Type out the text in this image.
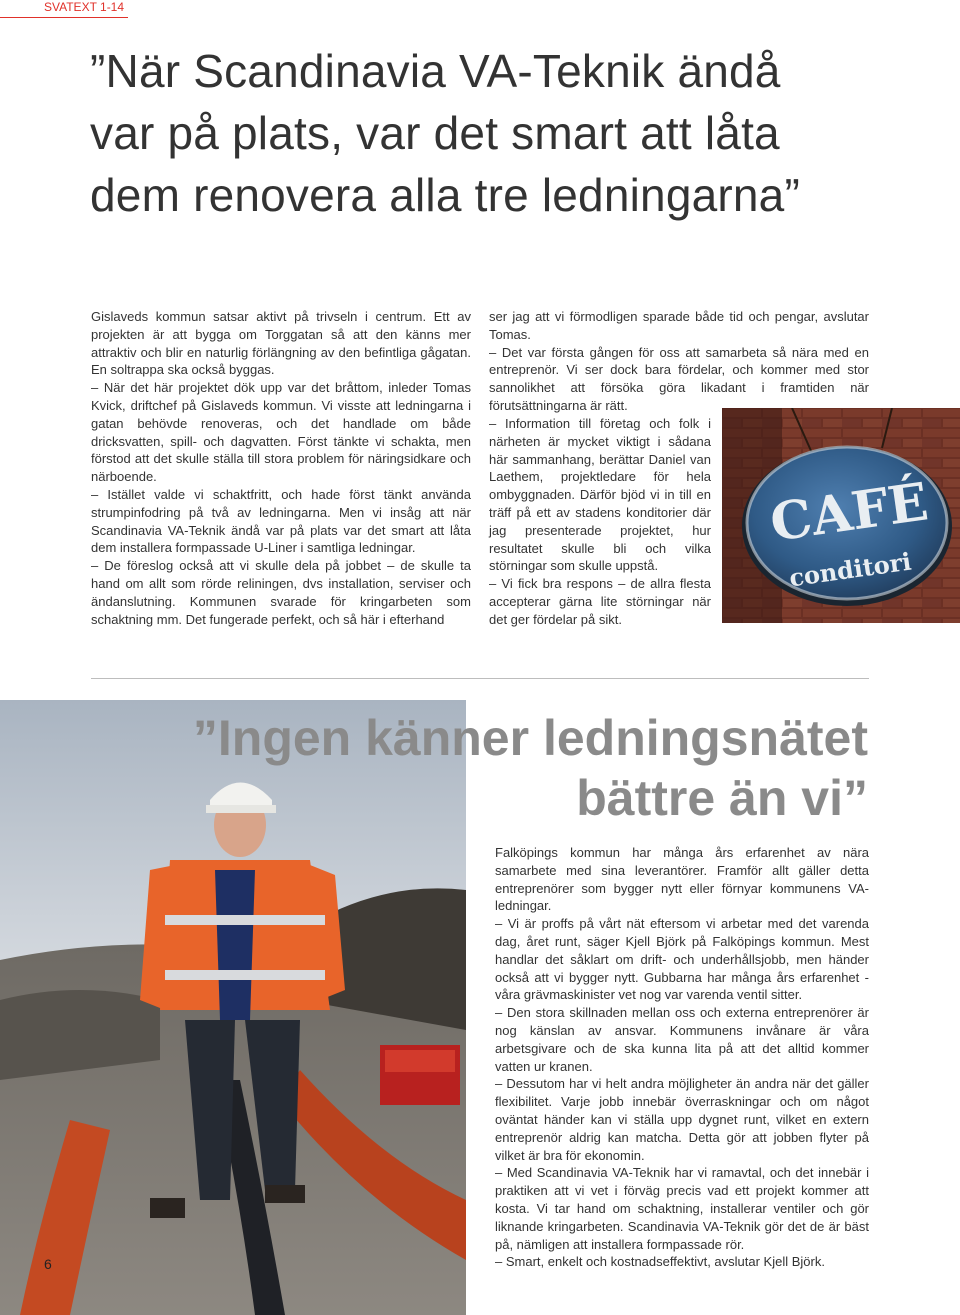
SVATEXT 1-14
”När Scandinavia VA-Teknik ändå
var på plats, var det smart att låta
dem renovera alla tre ledningarna”

Gislaveds kommun satsar aktivt på trivseln i centrum. Ett av projekten är att bygga om Torggatan så att den känns mer attraktiv och blir en naturlig förlängning av den befintliga gågatan. En soltrappa ska också byggas.

– När det här projektet dök upp var det bråttom, inleder Tomas Kvick, driftchef på Gislaveds kommun. Vi visste att ledningarna i gatan behövde renoveras, och det handlade om både dricksvatten, spill- och dagvatten. Först tänkte vi schakta, men förstod att det skulle ställa till stora problem för näringsidkare och närboende.

– Istället valde vi schaktfritt, och hade först tänkt använda strumpinfodring på två av ledningarna. Men vi insåg att när Scandinavia VA-Teknik ändå var på plats var det smart att låta dem installera formpassade U-Liner i samtliga ledningar.

– De föreslog också att vi skulle dela på jobbet – de skulle ta hand om allt som rörde reliningen, dvs installation, serviser och ändanslutning. Kommunen svarade för kringarbeten som schaktning mm. Det fungerade perfekt, och så här i efterhand

ser jag att vi förmodligen sparade både tid och pengar, avslutar Tomas.

– Det var första gången för oss att samarbeta så nära med en entreprenör. Vi ser dock bara fördelar, och kommer med stor sannolikhet att försöka göra likadant i framtiden när förutsättningarna är rätt.

– Information till företag och folk i närheten är mycket viktigt i sådana här sammanhang, berättar Daniel van Laethem, projektledare för hela ombyggnaden. Därför bjöd vi in till en träff på ett av stadens konditorier där jag presenterade projektet, hur resultatet skulle bli och vilka störningar som skulle uppstå.

– Vi fick bra respons – de allra flesta accepterar gärna lite störningar när det ger fördelar på sikt.

CAFÉ
conditori
”Ingen känner ledningsnätet
bättre än vi”

Falköpings kommun har många års erfarenhet av nära samarbete med sina leverantörer. Framför allt gäller detta entreprenörer som bygger nytt eller förnyar kommunens VA-ledningar.

– Vi är proffs på vårt nät eftersom vi arbetar med det varenda dag, året runt, säger Kjell Björk på Falköpings kommun. Mest handlar det såklart om drift- och underhållsjobb, men händer också att vi bygger nytt. Gubbarna har många års erfarenhet - våra grävmaskinister vet nog var varenda ventil sitter.

– Den stora skillnaden mellan oss och externa entreprenörer är nog känslan av ansvar. Kommunens invånare är våra arbetsgivare och de ska kunna lita på att det alltid kommer vatten ur kranen.

– Dessutom har vi helt andra möjligheter än andra när det gäller flexibilitet. Varje jobb innebär överraskningar och om något oväntat händer kan vi ställa upp dygnet runt, vilket en extern entreprenör aldrig kan matcha. Detta gör att jobben flyter på vilket är bra för ekonomin.

– Med Scandinavia VA-Teknik har vi ramavtal, och det innebär i praktiken att vi vet i förväg precis vad ett projekt kommer att kosta. Vi tar hand om schaktning, installerar ventiler och gör liknande kringarbeten. Scandinavia VA-Teknik gör det de är bäst på, nämligen att installera formpassade rör.

– Smart, enkelt och kostnadseffektivt, avslutar Kjell Björk.

6
